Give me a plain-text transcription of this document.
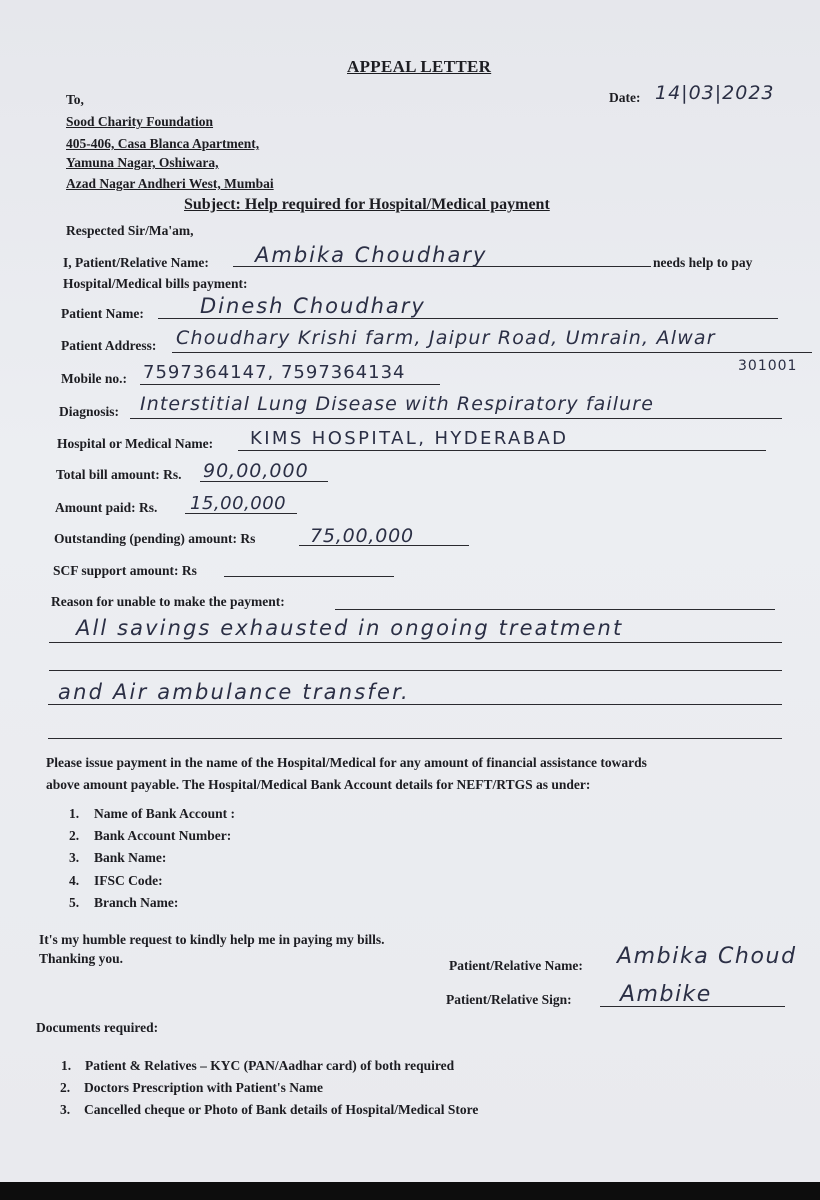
APPEAL LETTER
Date: 14|03|2023
To,
Sood Charity Foundation
405-406, Casa Blanca Apartment,
Yamuna Nagar, Oshiwara,
Azad Nagar Andheri West, Mumbai
Subject: Help required for Hospital/Medical payment
Respected Sir/Ma'am,
I, Patient/Relative Name: Ambika Choudhary	needs help to pay
Hospital/Medical bills payment:
Patient Name:	Dinesh Choudhary
Patient Address: Choudhary Krishi farm, Jaipur Road, Umrain, Alwar
301001
Mobile no.: 7597364147, 7597364134
Diagnosis: Interstitial Lung Disease with Respiratory failure
Hospital or Medical Name: KIMS HOSPITAL, HYDERABAD
Total bill amount: Rs. 90,00,000
Amount paid: Rs. 15,00,000
Outstanding (pending) amount: Rs	75,00,000
SCF support amount: Rs
Reason for unable to make the payment:
All savings exhausted in ongoing treatment
and Air ambulance transfer.
Please issue payment in the name of the Hospital/Medical for any amount of financial assistance towards
above amount payable. The Hospital/Medical Bank Account details for NEFT/RTGS as under:
1. Name of Bank Account :
2. Bank Account Number:
3. Bank Name:
4. IFSC Code:
5. Branch Name:
It's my humble request to kindly help me in paying my bills.
Thanking you.	Patient/Relative Name: Ambika Choud
Patient/Relative Sign: Ambike
Documents required:
1. Patient & Relatives – KYC (PAN/Aadhar card) of both required
2. Doctors Prescription with Patient's Name
3. Cancelled cheque or Photo of Bank details of Hospital/Medical Store
